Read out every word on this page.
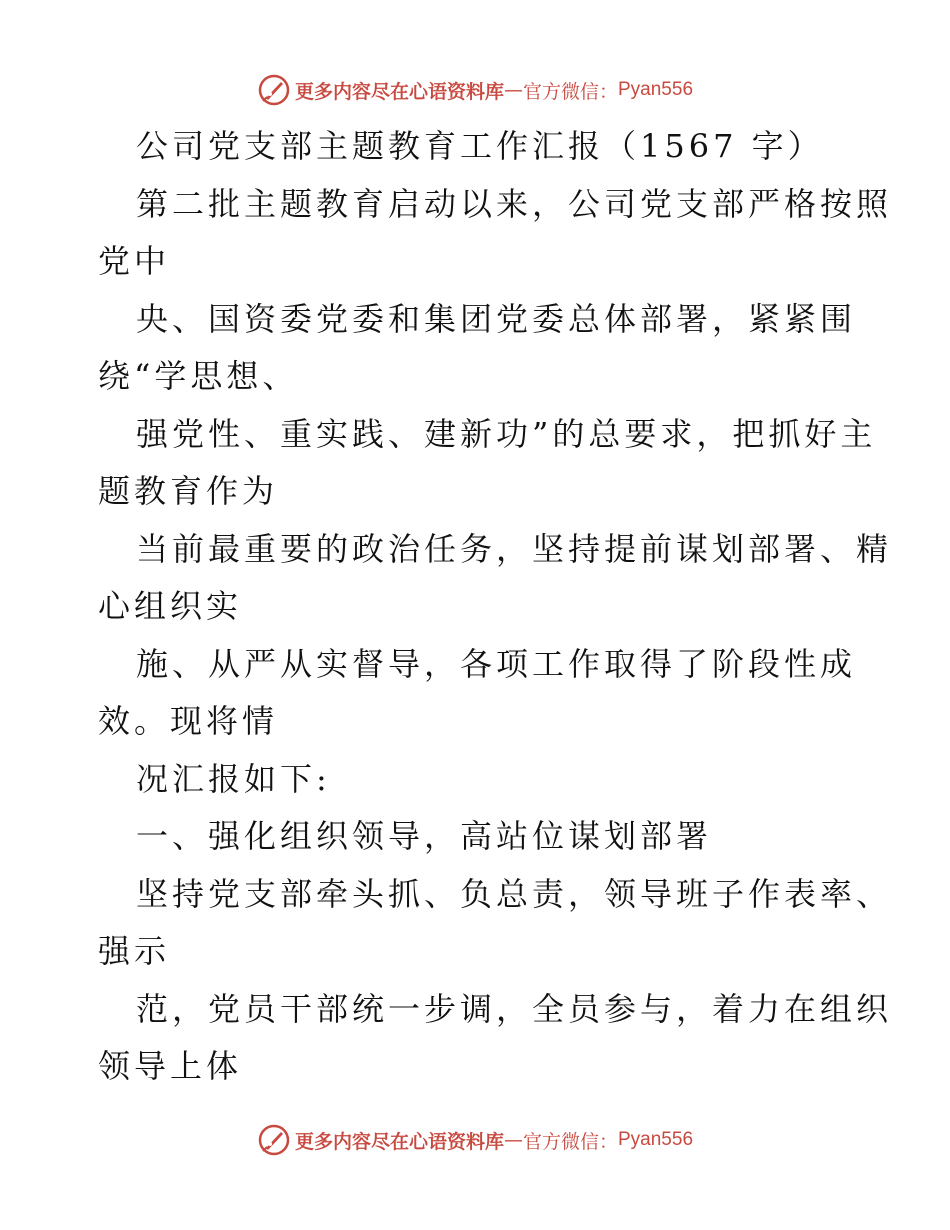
更多内容尽在心语资料库 — 官方微信： Pyan556
公司党支部主题教育工作汇报（1567 字）
第二批主题教育启动以来，公司党支部严格按照
党中
央、国资委党委和集团党委总体部署，紧紧围
绕“学思想、
强党性、重实践、建新功”的总要求，把抓好主
题教育作为
当前最重要的政治任务，坚持提前谋划部署、精
心组织实
施、从严从实督导，各项工作取得了阶段性成
效。现将情
况汇报如下:
一、强化组织领导，高站位谋划部署
坚持党支部牵头抓、负总责，领导班子作表率、
强示
范，党员干部统一步调，全员参与，着力在组织
领导上体
更多内容尽在心语资料库 — 官方微信： Pyan556
